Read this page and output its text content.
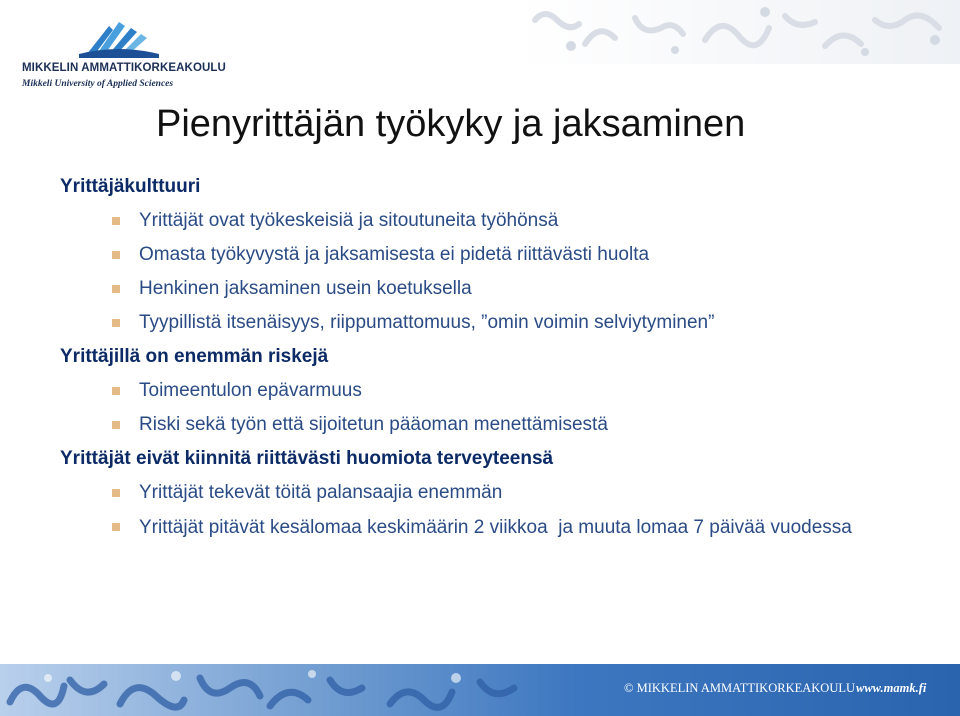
MIKKELIN AMMATTIKORKEAKOULU
Mikkeli University of Applied Sciences
Pienyrittäjän työkyky ja jaksaminen
Yrittäjäkulttuuri
Yrittäjät ovat työkeskeisiä ja sitoutuneita työhönsä
Omasta työkyvystä ja jaksamisesta ei pidetä riittävästi huolta
Henkinen jaksaminen usein koetuksella
Tyypillistä itsenäisyys, riippumattomuus, ”omin voimin selviytyminen”
Yrittäjillä on enemmän riskejä
Toimeentulon epävarmuus
Riski sekä työn että sijoitetun pääoman menettämisestä
Yrittäjät eivät kiinnitä riittävästi huomiota terveyteensä
Yrittäjät tekevät töitä palansaajia enemmän
Yrittäjät pitävät kesälomaa keskimäärin 2 viikkoa  ja muuta lomaa 7 päivää vuodessa
© MIKKELIN AMMATTIKORKEAKOULU www.mamk.fi
